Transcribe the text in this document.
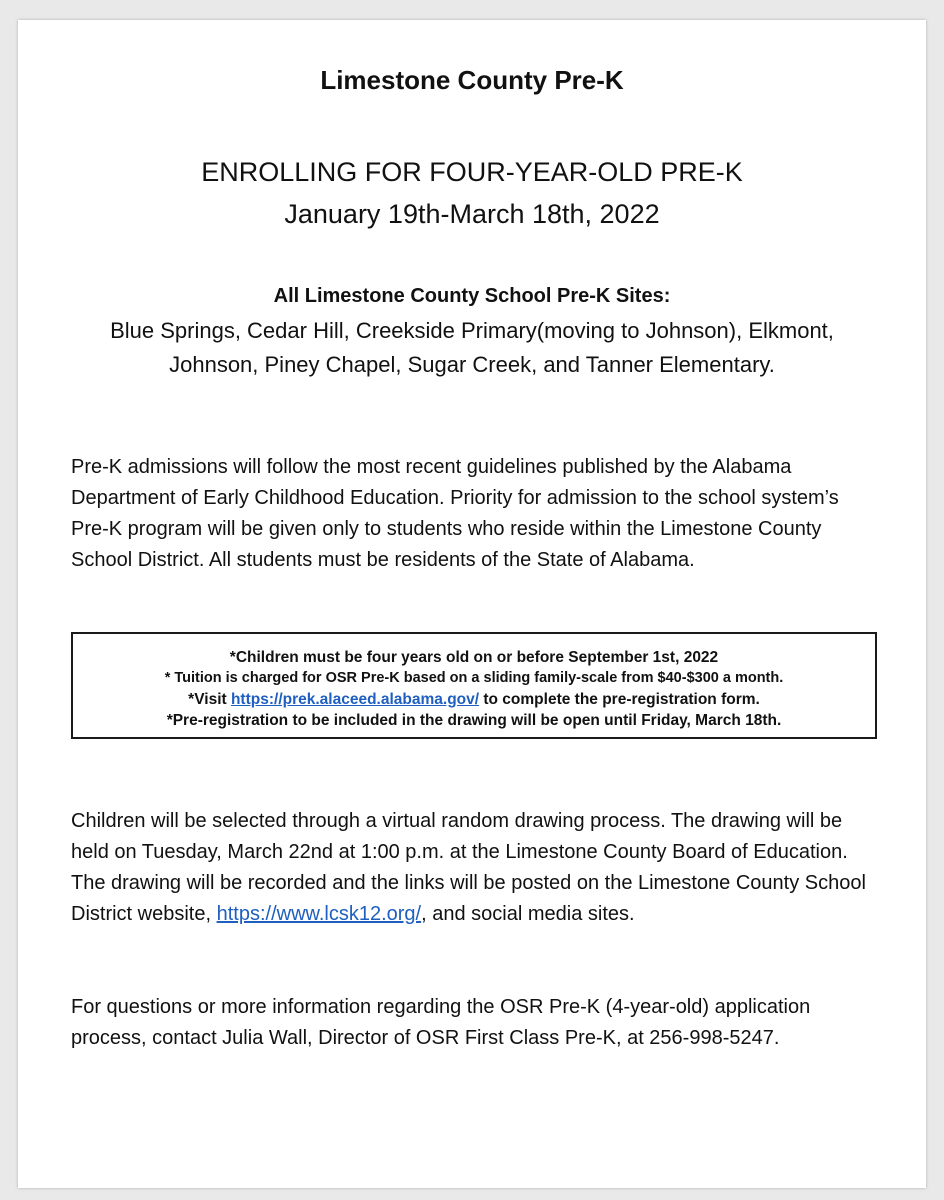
Limestone County Pre-K
ENROLLING FOR FOUR-YEAR-OLD PRE-K
January 19th-March 18th, 2022
All Limestone County School Pre-K Sites:
Blue Springs, Cedar Hill, Creekside Primary(moving to Johnson), Elkmont, Johnson, Piney Chapel, Sugar Creek, and Tanner Elementary.
Pre-K admissions will follow the most recent guidelines published by the Alabama Department of Early Childhood Education. Priority for admission to the school system’s Pre-K program will be given only to students who reside within the Limestone County School District. All students must be residents of the State of Alabama.
*Children must be four years old on or before September 1st, 2022
* Tuition is charged for OSR Pre-K based on a sliding family-scale from $40-$300 a month.
*Visit https://prek.alaceed.alabama.gov/ to complete the pre-registration form.
*Pre-registration to be included in the drawing will be open until Friday, March 18th.
Children will be selected through a virtual random drawing process. The drawing will be held on Tuesday, March 22nd at 1:00 p.m. at the Limestone County Board of Education. The drawing will be recorded and the links will be posted on the Limestone County School District website, https://www.lcsk12.org/, and social media sites.
For questions or more information regarding the OSR Pre-K (4-year-old) application process, contact Julia Wall, Director of OSR First Class Pre-K, at 256-998-5247.
